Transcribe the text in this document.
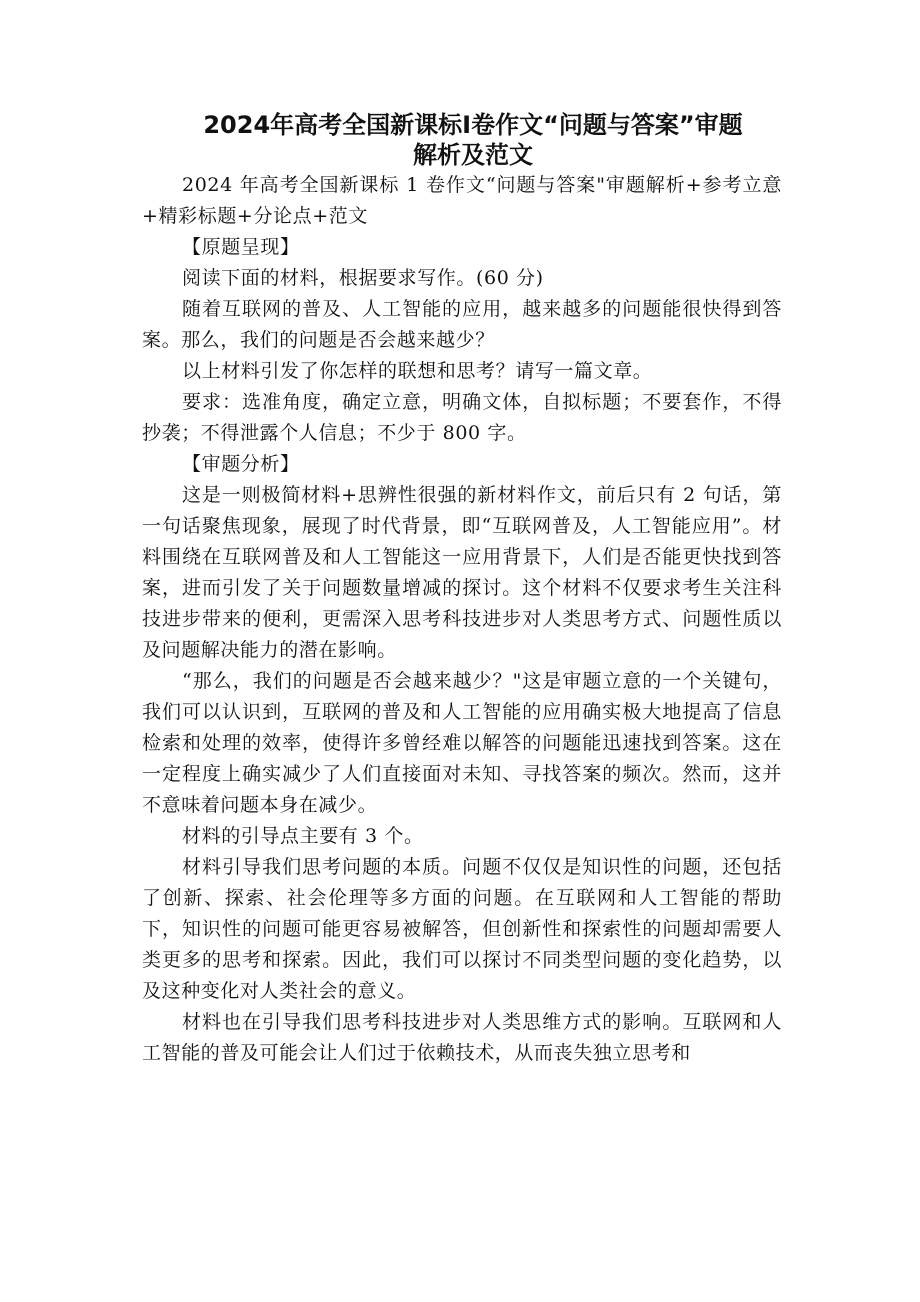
2024年高考全国新课标Ⅰ卷作文“问题与答案”审题
解析及范文

2024 年高考全国新课标 1 卷作文“问题与答案"审题解析+参考立意+精彩标题+分论点+范文

【原题呈现】

阅读下面的材料，根据要求写作。(60 分)

随着互联网的普及、人工智能的应用，越来越多的问题能很快得到答案。那么，我们的问题是否会越来越少？

以上材料引发了你怎样的联想和思考？请写一篇文章。

要求：选准角度，确定立意，明确文体，自拟标题；不要套作，不得抄袭；不得泄露个人信息；不少于 800 字。

【审题分析】

这是一则极简材料+思辨性很强的新材料作文，前后只有 2 句话，第一句话聚焦现象，展现了时代背景，即“互联网普及，人工智能应用”。材料围绕在互联网普及和人工智能这一应用背景下，人们是否能更快找到答案，进而引发了关于问题数量增减的探讨。这个材料不仅要求考生关注科技进步带来的便利，更需深入思考科技进步对人类思考方式、问题性质以及问题解决能力的潜在影响。

“那么，我们的问题是否会越来越少？"这是审题立意的一个关键句，我们可以认识到，互联网的普及和人工智能的应用确实极大地提高了信息检索和处理的效率，使得许多曾经难以解答的问题能迅速找到答案。这在一定程度上确实减少了人们直接面对未知、寻找答案的频次。然而，这并不意味着问题本身在减少。

材料的引导点主要有 3 个。

材料引导我们思考问题的本质。问题不仅仅是知识性的问题，还包括了创新、探索、社会伦理等多方面的问题。在互联网和人工智能的帮助下，知识性的问题可能更容易被解答，但创新性和探索性的问题却需要人类更多的思考和探索。因此，我们可以探讨不同类型问题的变化趋势，以及这种变化对人类社会的意义。

材料也在引导我们思考科技进步对人类思维方式的影响。互联网和人工智能的普及可能会让人们过于依赖技术，从而丧失独立思考和
